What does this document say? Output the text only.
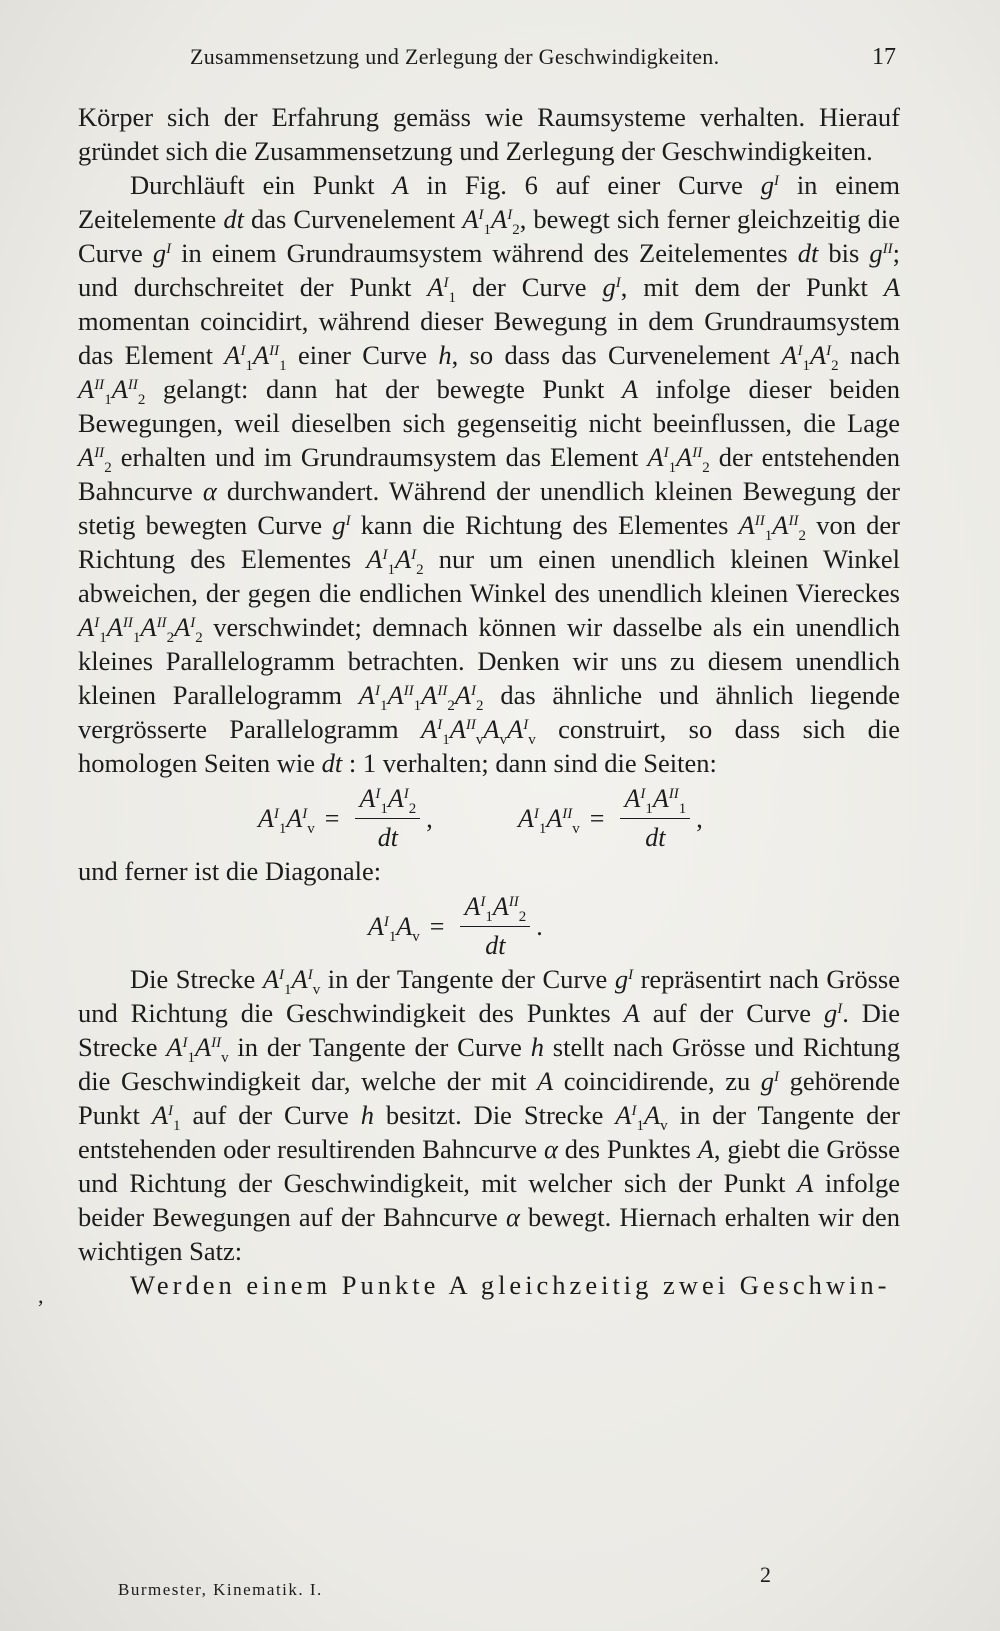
Zusammensetzung und Zerlegung der Geschwindigkeiten.	17
,

Körper sich der Erfahrung gemäss wie Raumsysteme verhalten. Hierauf gründet sich die Zusammensetzung und Zerlegung der Geschwindigkeiten.

Durchläuft ein Punkt A in Fig. 6 auf einer Curve $g^I$ in einem Zeitelemente dt das Curvenelement $A^I_1A^I_2$, bewegt sich ferner gleichzeitig die Curve $g^I$ in einem Grundraumsystem während des Zeitelementes dt bis $g^{II}$; und durchschreitet der Punkt $A^I_1$ der Curve $g^I$, mit dem der Punkt A momentan coincidirt, während dieser Bewegung in dem Grundraumsystem das Element $A^I_1A^{II}_1$ einer Curve h, so dass das Curvenelement $A^I_1A^I_2$ nach $A^{II}_1A^{II}_2$ gelangt: dann hat der bewegte Punkt A infolge dieser beiden Bewegungen, weil dieselben sich gegenseitig nicht beeinflussen, die Lage $A^{II}_2$ erhalten und im Grundraumsystem das Element $A^I_1A^{II}_2$ der entstehenden Bahncurve α durchwandert. Während der unendlich kleinen Bewegung der stetig bewegten Curve $g^I$ kann die Richtung des Elementes $A^{II}_1A^{II}_2$ von der Richtung des Elementes $A^I_1A^I_2$ nur um einen unendlich kleinen Winkel abweichen, der gegen die endlichen Winkel des unendlich kleinen Viereckes $A^I_1A^{II}_1A^{II}_2A^I_2$ verschwindet; demnach können wir dasselbe als ein unendlich kleines Parallelogramm betrachten. Denken wir uns zu diesem unendlich kleinen Parallelogramm $A^I_1A^{II}_1A^{II}_2A^I_2$ das ähnliche und ähnlich liegende vergrösserte Parallelogramm $A^I_1A^{II}_vA_vA^I_v$ construirt, so dass sich die homologen Seiten wie dt : 1 verhalten; dann sind die Seiten:

$A^I_1A^I_v = \frac{A^I_1A^I_2}{dt}$ ,	$A^I_1A^{II}_v = \frac{A^I_1A^{II}_1}{dt}$ ,

und ferner ist die Diagonale:

$A^I_1A_v = \frac{A^I_1A^{II}_2}{dt}$ .

Die Strecke $A^I_1A^I_v$ in der Tangente der Curve $g^I$ repräsentirt nach Grösse und Richtung die Geschwindigkeit des Punktes A auf der Curve $g^I$. Die Strecke $A^I_1A^{II}_v$ in der Tangente der Curve h stellt nach Grösse und Richtung die Geschwindigkeit dar, welche der mit A coincidirende, zu $g^I$ gehörende Punkt $A^I_1$ auf der Curve h besitzt. Die Strecke $A^I_1A_v$ in der Tangente der entstehenden oder resultirenden Bahncurve α des Punktes A, giebt die Grösse und Richtung der Geschwindigkeit, mit welcher sich der Punkt A infolge beider Bewegungen auf der Bahncurve α bewegt. Hiernach erhalten wir den wichtigen Satz:

Werden einem Punkte A gleichzeitig zwei Geschwin-

Burmester, Kinematik. I.
2
